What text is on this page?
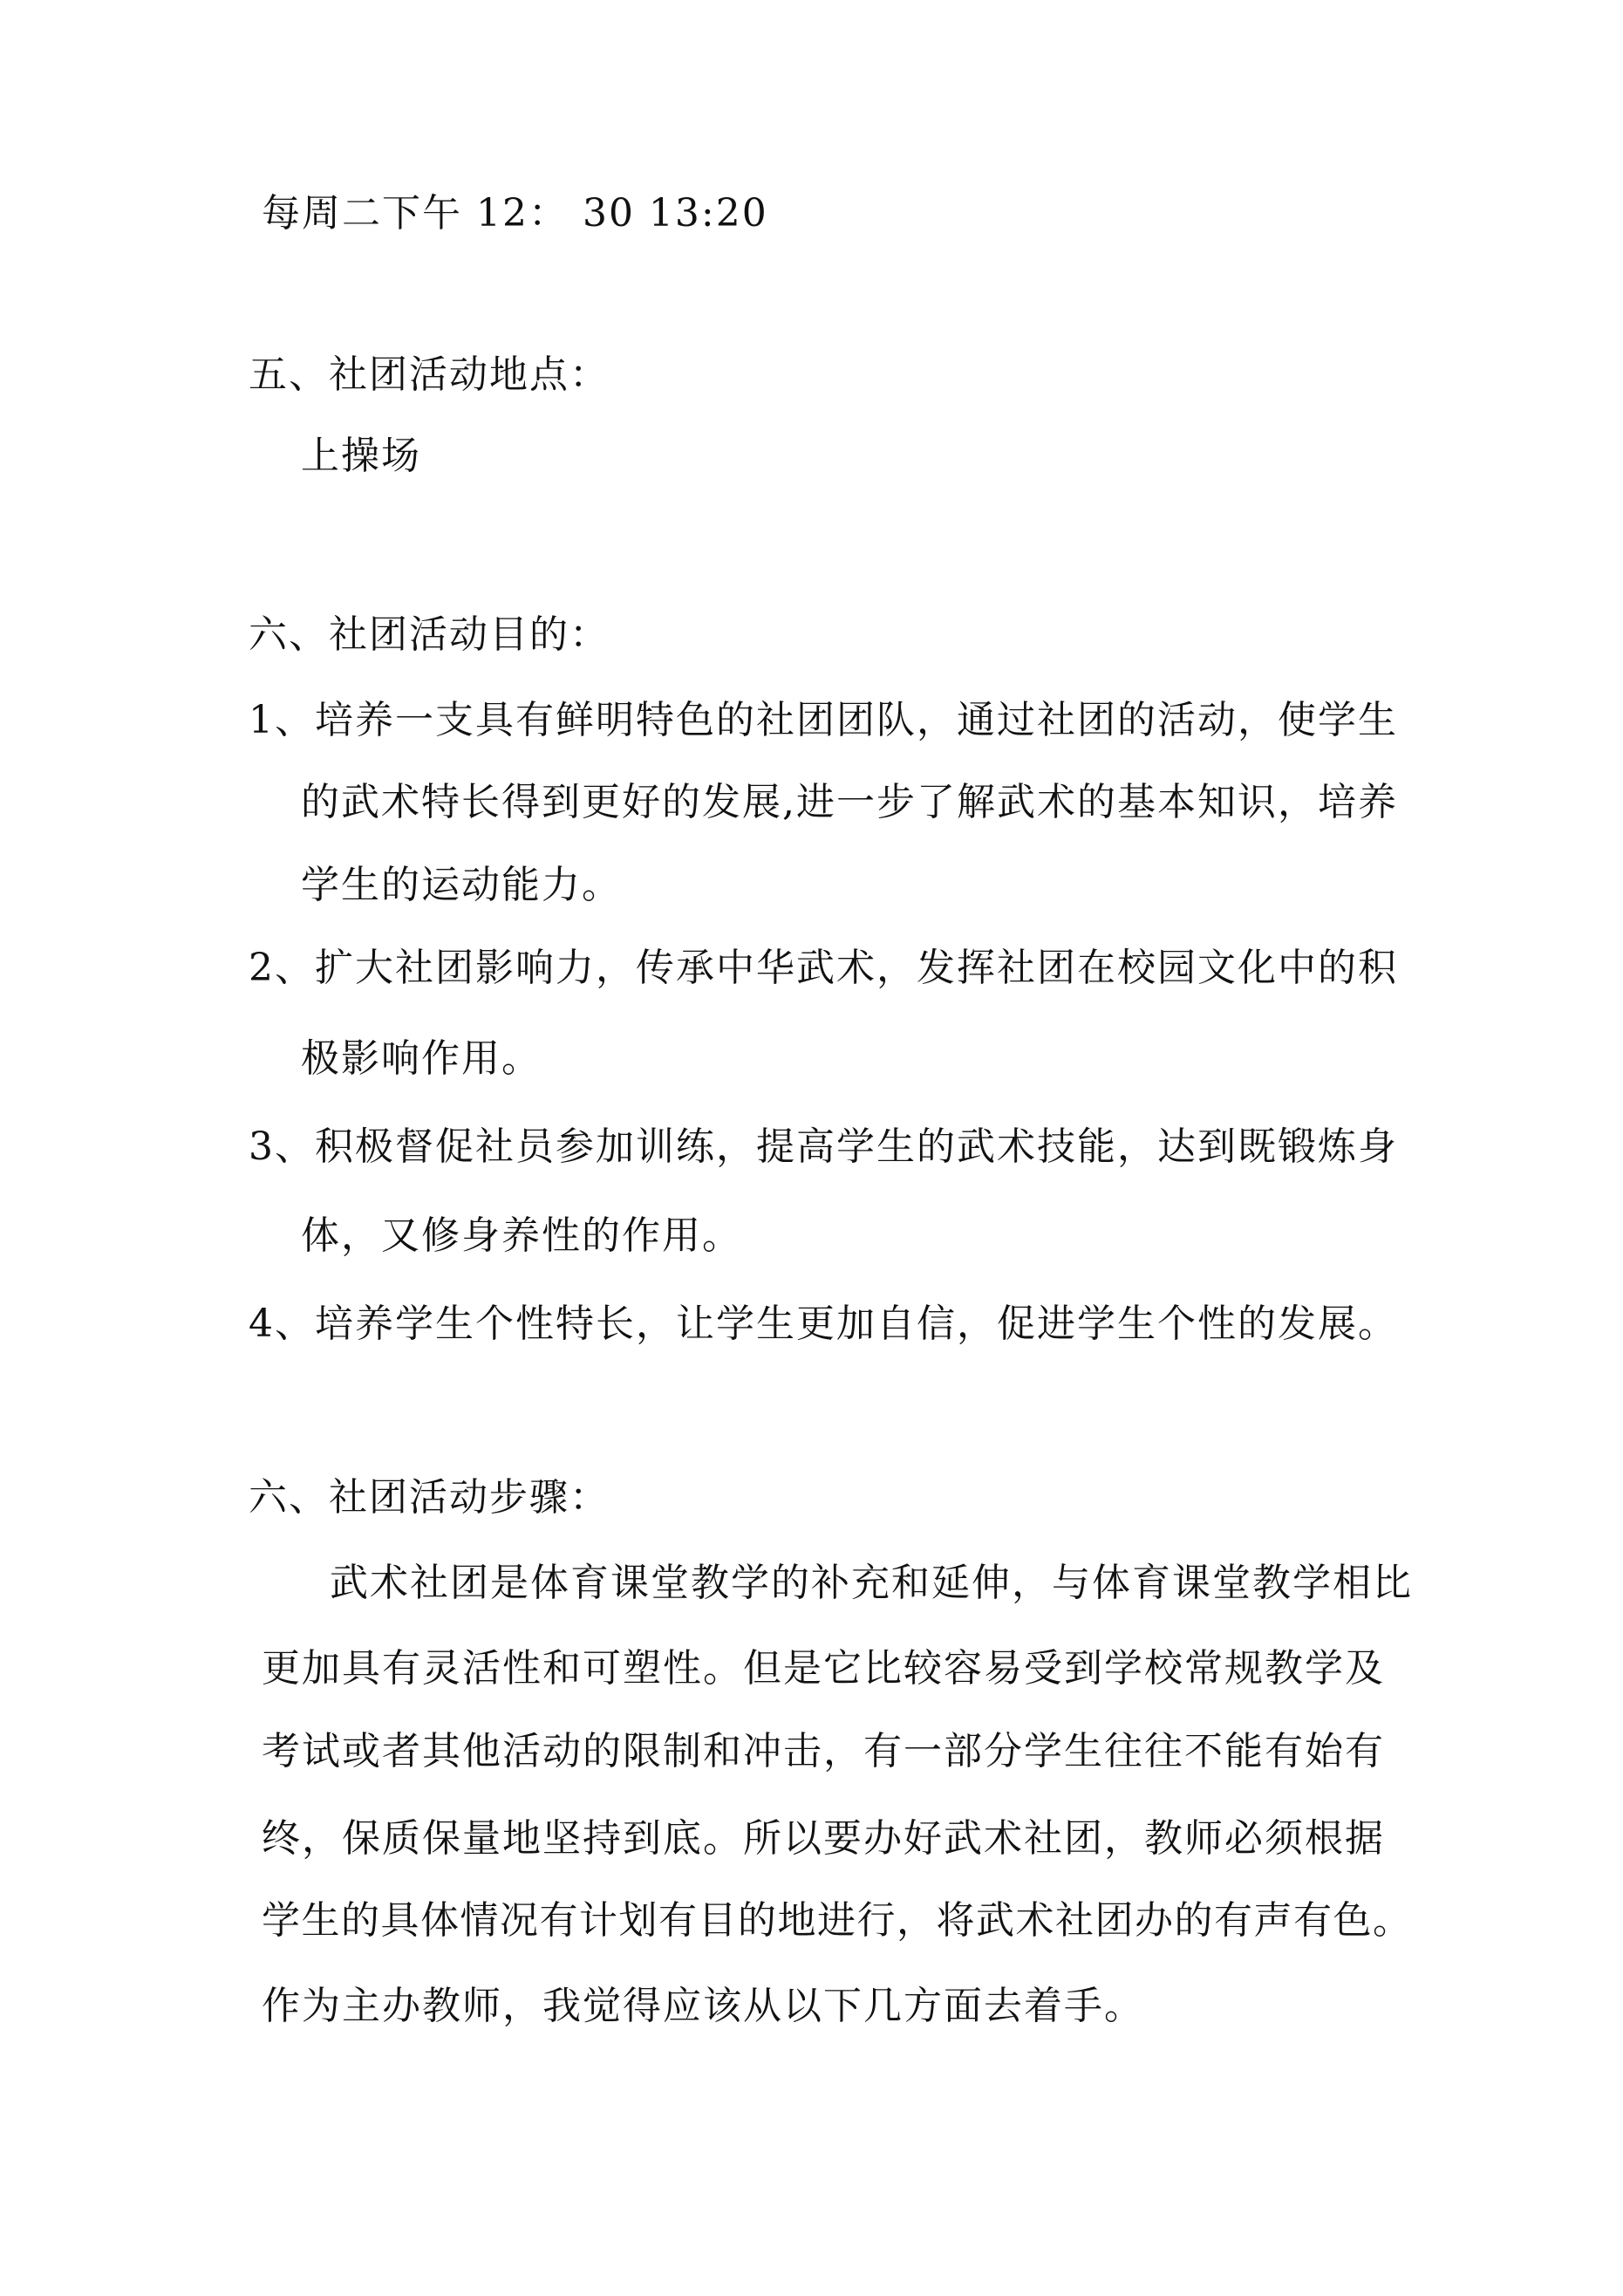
每周二下午 12： 30 13:20
五、社团活动地点：
上操场
六、社团活动目的：
1、培养一支具有鲜明特色的社团团队，通过社团的活动，使学生
的武术特长得到更好的发展,进一步了解武术的基本知识，培养
学生的运动能力。
2、扩大社团影响力，传承中华武术，发挥社团在校园文化中的积
极影响作用。
3、积极督促社员参加训练，提高学生的武术技能，达到既锻炼身
体，又修身养性的作用。
4、培养学生个性特长，让学生更加自信，促进学生个性的发展。
六、社团活动步骤：
武术社团是体育课堂教学的补充和延伸，与体育课堂教学相比
更加具有灵活性和可塑性。但是它比较容易受到学校常规教学及
考试或者其他活动的限制和冲击，有一部分学生往往不能有始有
终，保质保量地坚持到底。所以要办好武术社团，教师必须根据
学生的具体情况有计划有目的地进行，将武术社团办的有声有色。
作为主办教师，我觉得应该从以下几方面去着手。
